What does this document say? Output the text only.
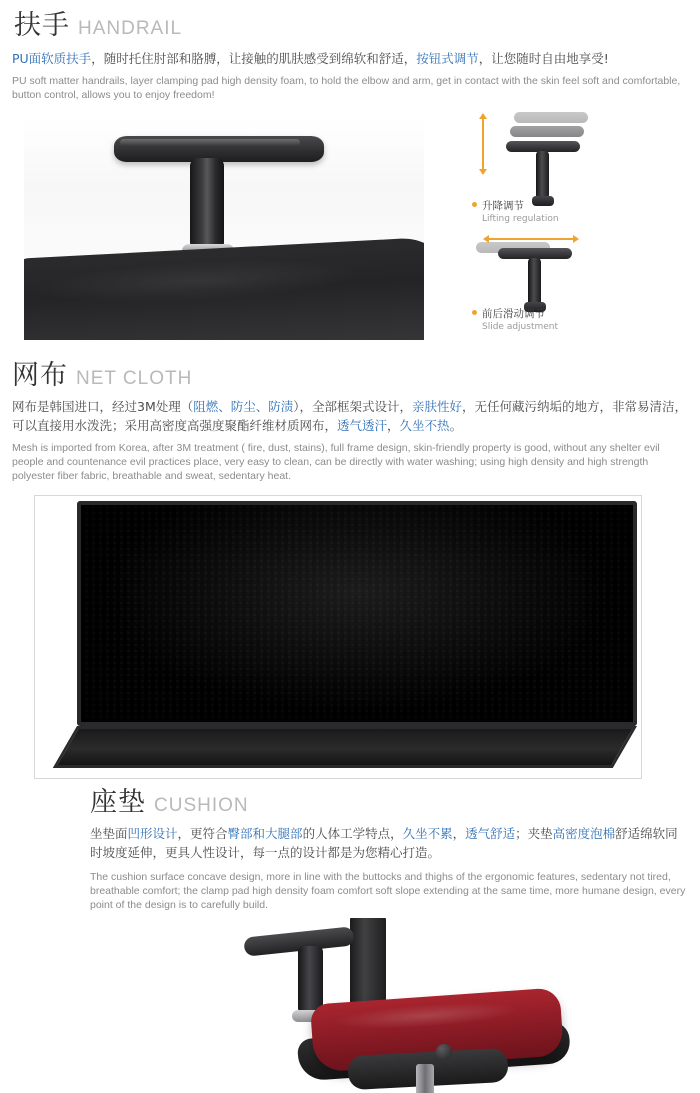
扶手 HANDRAIL
PU面软质扶手，随时托住肘部和胳膊，让接触的肌肤感受到绵软和舒适，按钮式调节，让您随时自由地享受!
PU soft matter handrails, layer clamping pad high density foam, to hold the elbow and arm, get in contact with the skin feel soft and comfortable, button control, allows you to enjoy freedom!
升降调节
Lifting regulation
前后滑动调节
Slide adjustment
网布 NET CLOTH
网布是韩国进口，经过3M处理（阻燃、防尘、防渍），全部框架式设计，亲肤性好，无任何藏污纳垢的地方，非常易清洁，可以直接用水泼洗；采用高密度高强度聚酯纤维材质网布，透气透汗，久坐不热。
Mesh is imported from Korea, after 3M treatment ( fire, dust, stains), full frame design, skin-friendly property is good, without any shelter evil people and countenance evil practices place, very easy to clean, can be directly with water washing; using high density and high strength polyester fiber fabric, breathable and sweat, sedentary heat.
座垫 CUSHION
坐垫面凹形设计，更符合臀部和大腿部的人体工学特点，久坐不累，透气舒适；夹垫高密度泡棉舒适绵软同时坡度延伸，更具人性设计，每一点的设计都是为您精心打造。
The cushion surface concave design, more in line with the buttocks and thighs of the ergonomic features, sedentary not tired, breathable comfort; the clamp pad high density foam comfort soft slope extending at the same time, more humane design, every point of the design is to carefully build.
